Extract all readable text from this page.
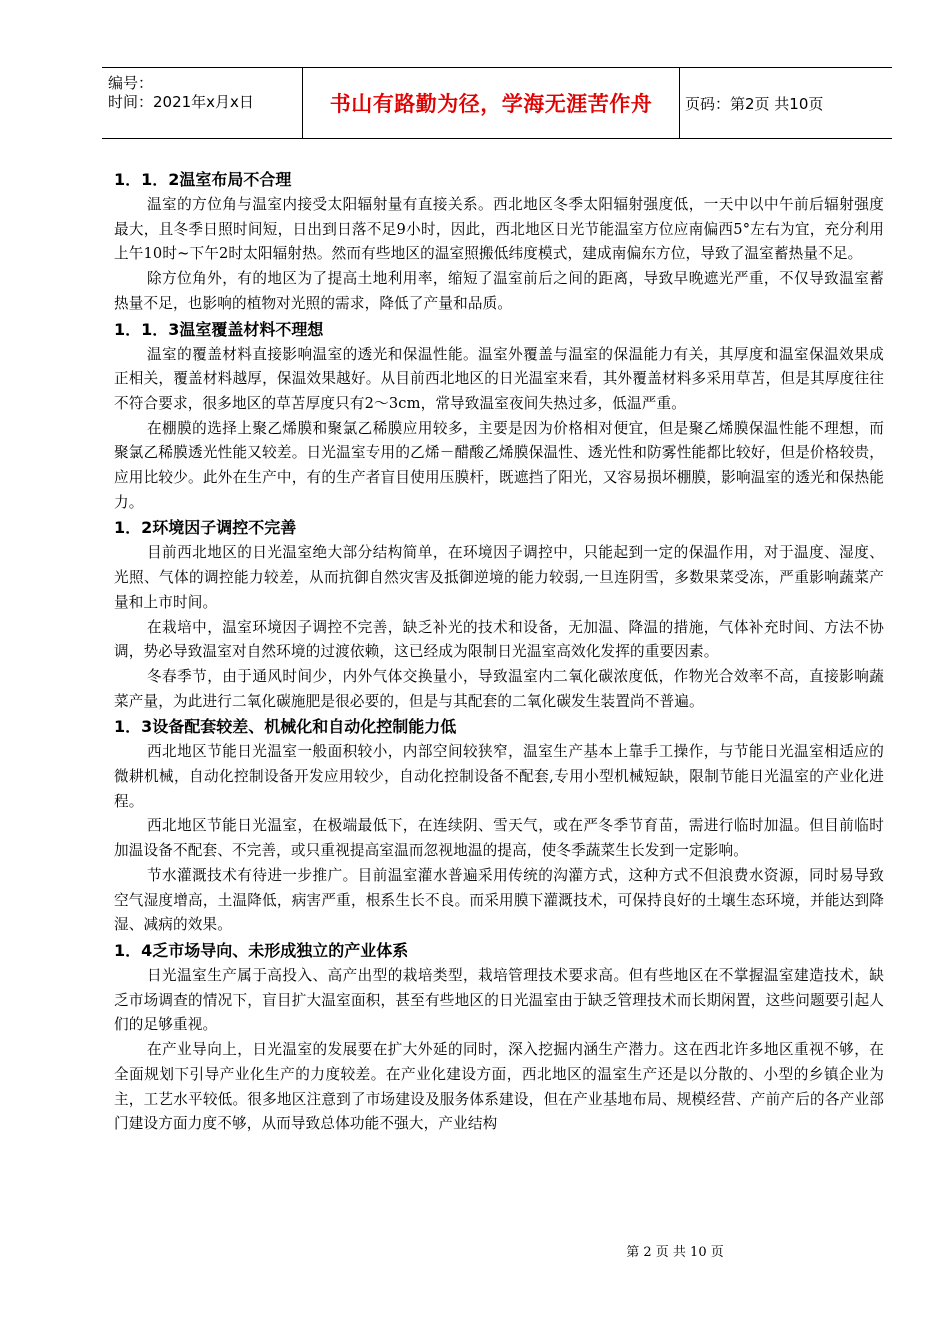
编号：
时间：2021年x月x日	书山有路勤为径，学海无涯苦作舟	页码：第2页 共10页
1．1．2温室布局不合理

温室的方位角与温室内接受太阳辐射量有直接关系。西北地区冬季太阳辐射强度低，一天中以中午前后辐射强度最大，且冬季日照时间短，日出到日落不足9小时，因此，西北地区日光节能温室方位应南偏西5°左右为宜，充分利用上午10时~下午2时太阳辐射热。然而有些地区的温室照搬低纬度模式，建成南偏东方位，导致了温室蓄热量不足。

除方位角外，有的地区为了提高土地利用率，缩短了温室前后之间的距离，导致早晚遮光严重，不仅导致温室蓄热量不足，也影响的植物对光照的需求，降低了产量和品质。

1．1．3温室覆盖材料不理想

温室的覆盖材料直接影响温室的透光和保温性能。温室外覆盖与温室的保温能力有关，其厚度和温室保温效果成正相关，覆盖材料越厚，保温效果越好。从目前西北地区的日光温室来看，其外覆盖材料多采用草苫，但是其厚度往往不符合要求，很多地区的草苫厚度只有2～3cm，常导致温室夜间失热过多，低温严重。

在棚膜的选择上聚乙烯膜和聚氯乙稀膜应用较多，主要是因为价格相对便宜，但是聚乙烯膜保温性能不理想，而聚氯乙稀膜透光性能又较差。日光温室专用的乙烯－醋酸乙烯膜保温性、透光性和防雾性能都比较好，但是价格较贵，应用比较少。此外在生产中，有的生产者盲目使用压膜杆，既遮挡了阳光，又容易损坏棚膜，影响温室的透光和保热能力。

1．2环境因子调控不完善

目前西北地区的日光温室绝大部分结构简单，在环境因子调控中，只能起到一定的保温作用，对于温度、湿度、光照、气体的调控能力较差，从而抗御自然灾害及抵御逆境的能力较弱,一旦连阴雪，多数果菜受冻，严重影响蔬菜产量和上市时间。

在栽培中，温室环境因子调控不完善，缺乏补光的技术和设备，无加温、降温的措施，气体补充时间、方法不协调，势必导致温室对自然环境的过渡依赖，这已经成为限制日光温室高效化发挥的重要因素。

冬春季节，由于通风时间少，内外气体交换量小，导致温室内二氧化碳浓度低，作物光合效率不高，直接影响蔬菜产量，为此进行二氧化碳施肥是很必要的，但是与其配套的二氧化碳发生装置尚不普遍。

1．3设备配套较差、机械化和自动化控制能力低

西北地区节能日光温室一般面积较小，内部空间较狭窄，温室生产基本上靠手工操作，与节能日光温室相适应的微耕机械，自动化控制设备开发应用较少，自动化控制设备不配套,专用小型机械短缺，限制节能日光温室的产业化进程。

西北地区节能日光温室，在极端最低下，在连续阴、雪天气，或在严冬季节育苗，需进行临时加温。但目前临时加温设备不配套、不完善，或只重视提高室温而忽视地温的提高，使冬季蔬菜生长发到一定影响。

节水灌溉技术有待进一步推广。目前温室灌水普遍采用传统的沟灌方式，这种方式不但浪费水资源，同时易导致空气湿度增高，土温降低，病害严重，根系生长不良。而采用膜下灌溉技术，可保持良好的土壤生态环境，并能达到降湿、减病的效果。

1．4乏市场导向、未形成独立的产业体系

日光温室生产属于高投入、高产出型的栽培类型，栽培管理技术要求高。但有些地区在不掌握温室建造技术，缺乏市场调查的情况下，盲目扩大温室面积，甚至有些地区的日光温室由于缺乏管理技术而长期闲置，这些问题要引起人们的足够重视。

在产业导向上，日光温室的发展要在扩大外延的同时，深入挖掘内涵生产潜力。这在西北许多地区重视不够，在全面规划下引导产业化生产的力度较差。在产业化建设方面，西北地区的温室生产还是以分散的、小型的乡镇企业为主，工艺水平较低。很多地区注意到了市场建设及服务体系建设，但在产业基地布局、规模经营、产前产后的各产业部门建设方面力度不够，从而导致总体功能不强大，产业结构

第 2 页 共 10 页
